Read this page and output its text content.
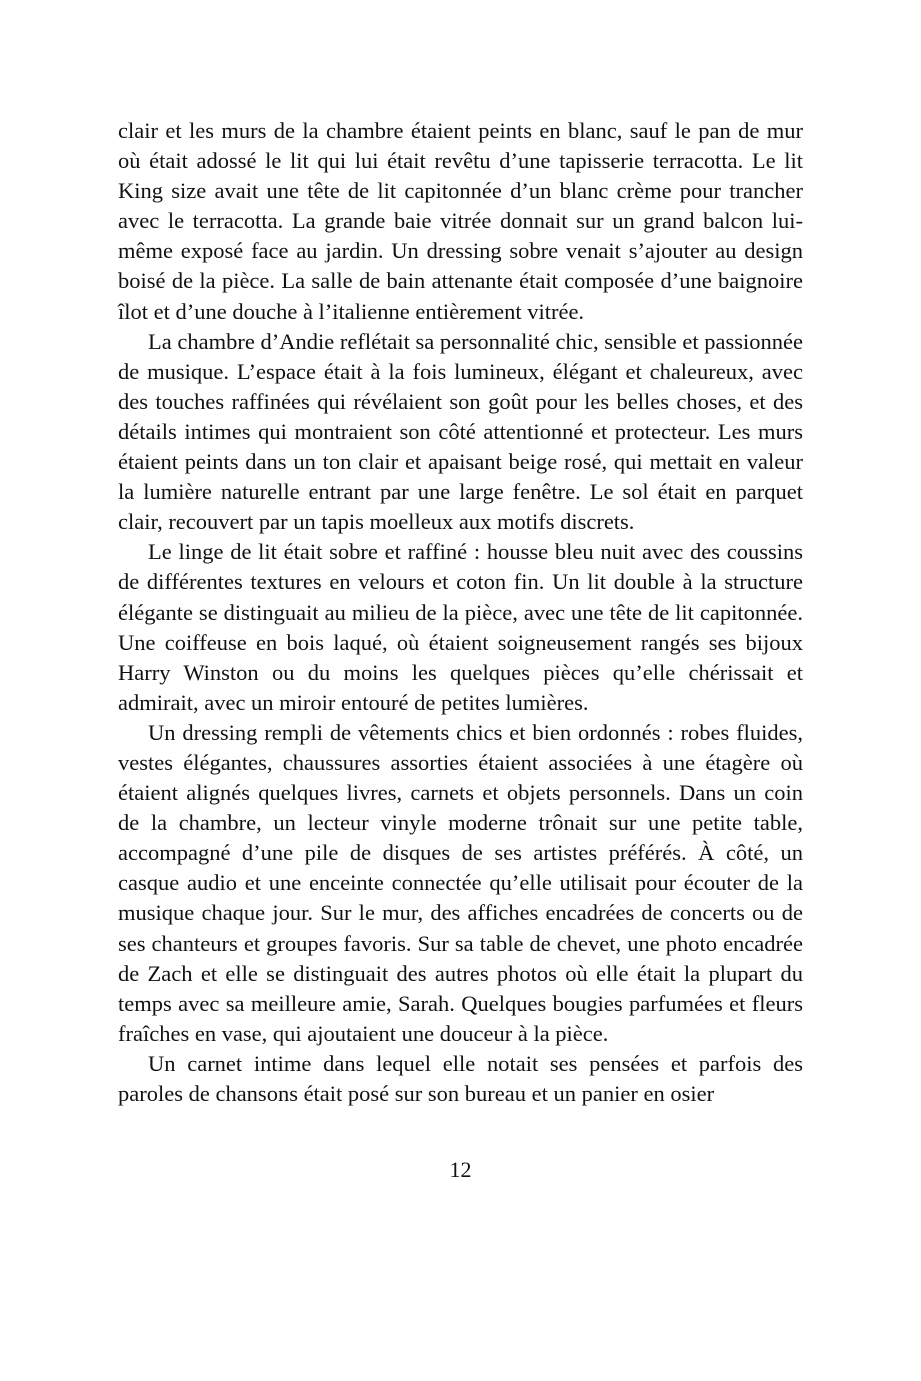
clair et les murs de la chambre étaient peints en blanc, sauf le pan de mur où était adossé le lit qui lui était revêtu d’une tapisserie terracotta. Le lit King size avait une tête de lit capitonnée d’un blanc crème pour trancher avec le terracotta. La grande baie vitrée donnait sur un grand balcon lui-même exposé face au jardin. Un dressing sobre venait s’ajouter au design boisé de la pièce. La salle de bain attenante était composée d’une baignoire îlot et d’une douche à l’italienne entièrement vitrée.

La chambre d’Andie reflétait sa personnalité chic, sensible et passionnée de musique. L’espace était à la fois lumineux, élégant et chaleureux, avec des touches raffinées qui révélaient son goût pour les belles choses, et des détails intimes qui montraient son côté attentionné et protecteur. Les murs étaient peints dans un ton clair et apaisant beige rosé, qui mettait en valeur la lumière naturelle entrant par une large fenêtre. Le sol était en parquet clair, recouvert par un tapis moelleux aux motifs discrets.

Le linge de lit était sobre et raffiné : housse bleu nuit avec des coussins de différentes textures en velours et coton fin. Un lit double à la structure élégante se distinguait au milieu de la pièce, avec une tête de lit capitonnée. Une coiffeuse en bois laqué, où étaient soigneusement rangés ses bijoux Harry Winston ou du moins les quelques pièces qu’elle chérissait et admirait, avec un miroir entouré de petites lumières.

Un dressing rempli de vêtements chics et bien ordonnés : robes fluides, vestes élégantes, chaussures assorties étaient associées à une étagère où étaient alignés quelques livres, carnets et objets personnels. Dans un coin de la chambre, un lecteur vinyle moderne trônait sur une petite table, accompagné d’une pile de disques de ses artistes préférés. À côté, un casque audio et une enceinte connectée qu’elle utilisait pour écouter de la musique chaque jour. Sur le mur, des affiches encadrées de concerts ou de ses chanteurs et groupes favoris. Sur sa table de chevet, une photo encadrée de Zach et elle se distinguait des autres photos où elle était la plupart du temps avec sa meilleure amie, Sarah. Quelques bougies parfumées et fleurs fraîches en vase, qui ajoutaient une douceur à la pièce.

Un carnet intime dans lequel elle notait ses pensées et parfois des paroles de chansons était posé sur son bureau et un panier en osier

12
